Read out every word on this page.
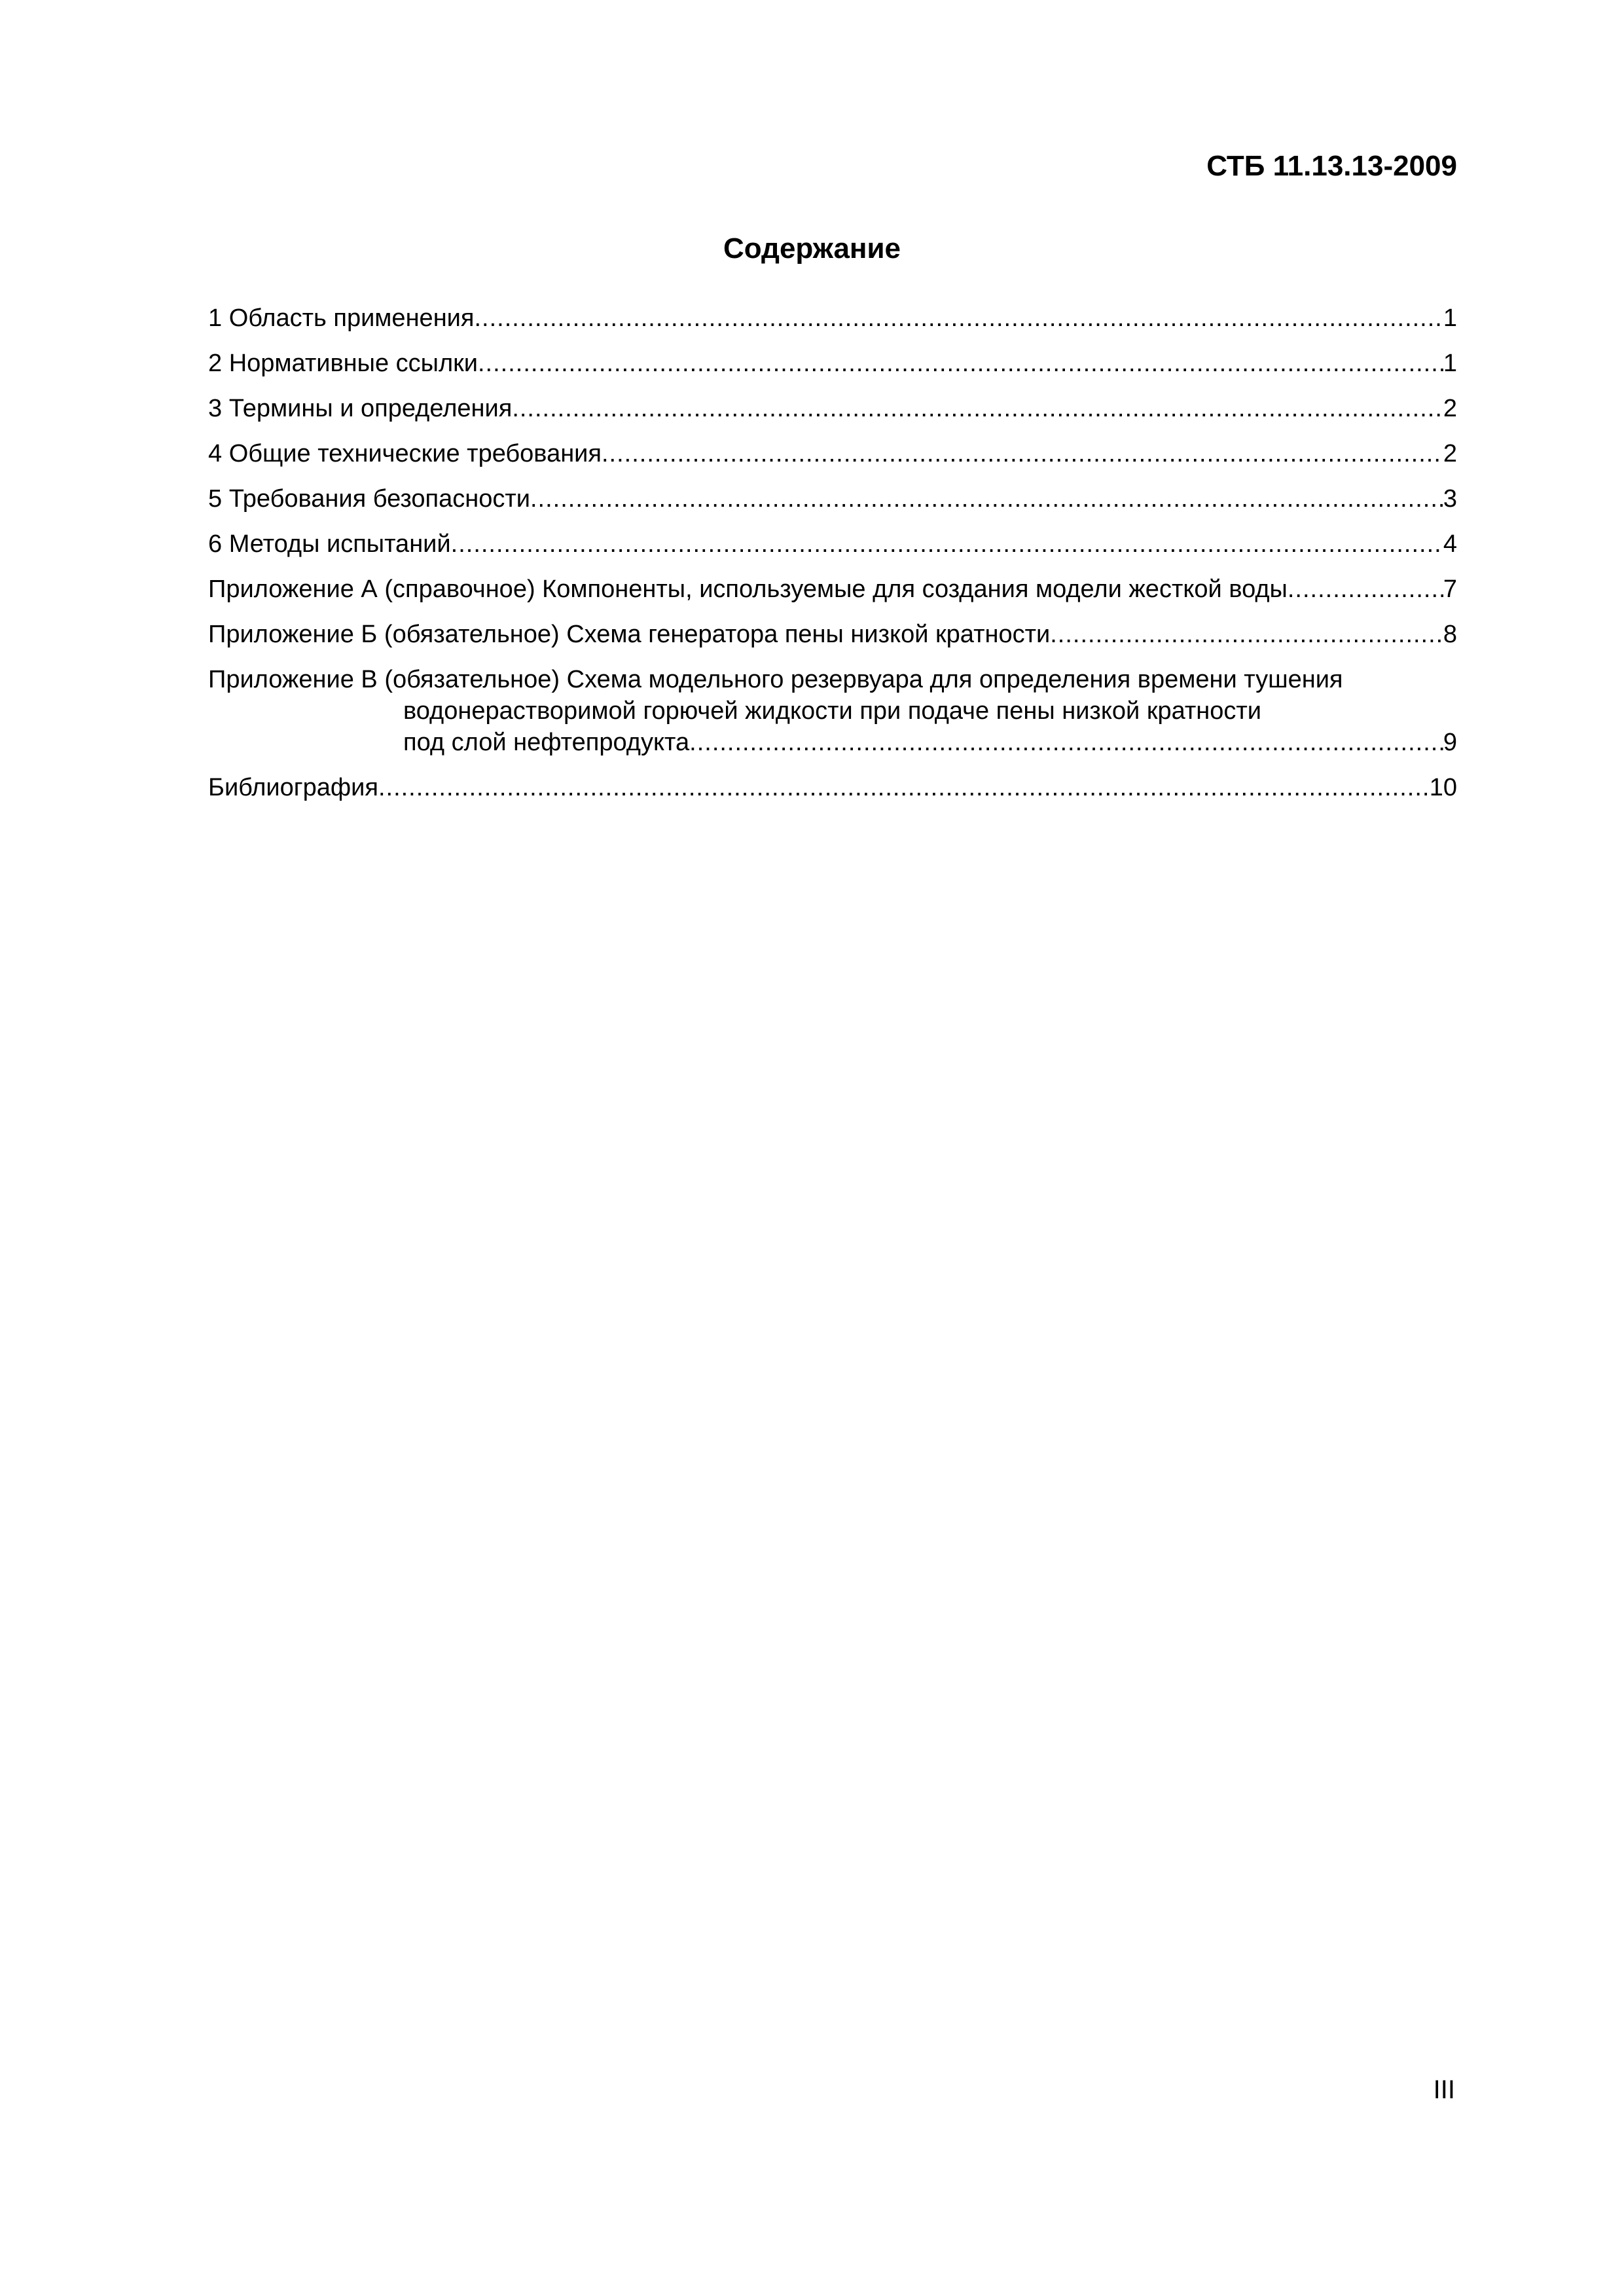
СТБ 11.13.13-2009
Содержание
1 Область применения .....	1
2 Нормативные ссылки .....	1
3 Термины и определения .....	2
4 Общие технические требования .....	2
5 Требования безопасности .....	3
6 Методы испытаний .....	4
Приложение А (справочное) Компоненты, используемые для создания модели жесткой воды .....	7
Приложение Б (обязательное) Схема генератора пены низкой кратности .....	8
Приложение В (обязательное) Схема модельного резервуара для определения времени тушения
водонерастворимой горючей жидкости при подаче пены низкой кратности
под слой нефтепродукта .....	9
Библиография .....	10
III
